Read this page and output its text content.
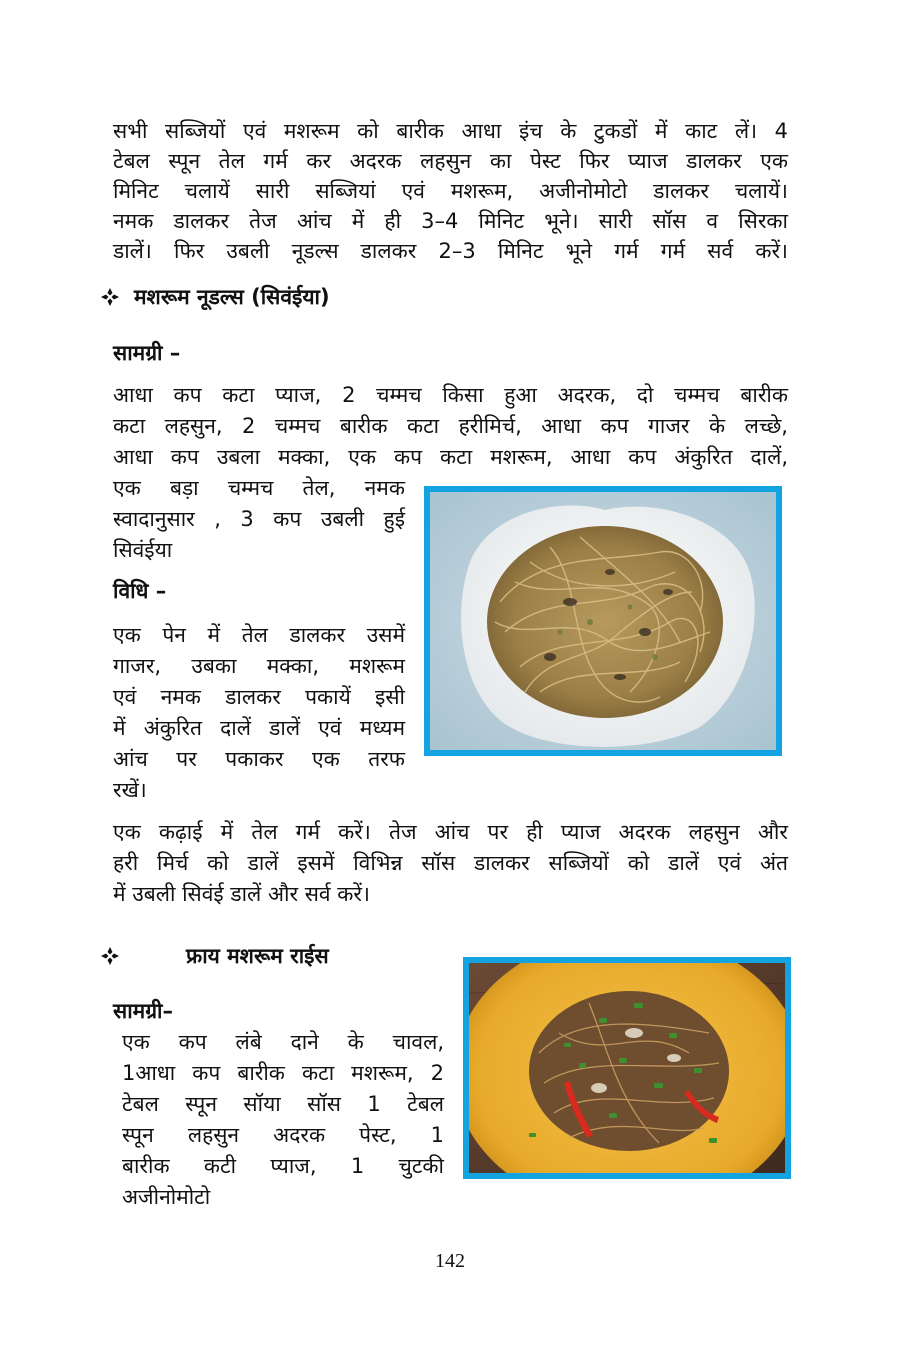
सभी सब्जियों एवं मशरूम को बारीक आधा इंच के टुकडों में काट लें। 4
टेबल स्पून तेल गर्म कर अदरक लहसुन का पेस्ट फिर प्याज डालकर एक
मिनिट चलायें सारी सब्जियां एवं मशरूम, अजीनोमोटो डालकर चलायें।
नमक डालकर तेज आंच में ही 3–4 मिनिट भूने। सारी सॉस व सिरका
डालें। फिर उबली नूडल्स डालकर 2–3 मिनिट भूने गर्म गर्म सर्व करें।
मशरूम नूडल्स (सिवंईया)
सामग्री –
आधा कप कटा प्याज, 2 चम्मच किसा हुआ अदरक, दो चम्मच बारीक
कटा लहसुन, 2 चम्मच बारीक कटा हरीमिर्च, आधा कप गाजर के लच्छे,
आधा कप उबला मक्का, एक कप कटा मशरूम, आधा कप अंकुरित दालें,
एक बड़ा चम्मच तेल, नमक
स्वादानुसार , 3 कप उबली हुई
सिवंईया
विधि –
एक पेन में तेल डालकर उसमें
गाजर, उबका मक्का, मशरूम
एवं नमक डालकर पकायें इसी
में अंकुरित दालें डालें एवं मध्यम
आंच पर पकाकर एक तरफ
रखें।
एक कढ़ाई में तेल गर्म करें। तेज आंच पर ही प्याज अदरक लहसुन और
हरी मिर्च को डालें इसमें विभिन्न सॉस डालकर सब्जियों को डालें एवं अंत
में उबली सिवंई डालें और सर्व करें।
फ्राय मशरूम राईस
सामग्री–
एक कप लंबे दाने के चावल,
1आधा कप बारीक कटा मशरूम, 2
टेबल स्पून सॉया सॉस 1 टेबल
स्पून लहसुन अदरक पेस्ट, 1
बारीक कटी प्याज, 1 चुटकी
अजीनोमोटो
142
